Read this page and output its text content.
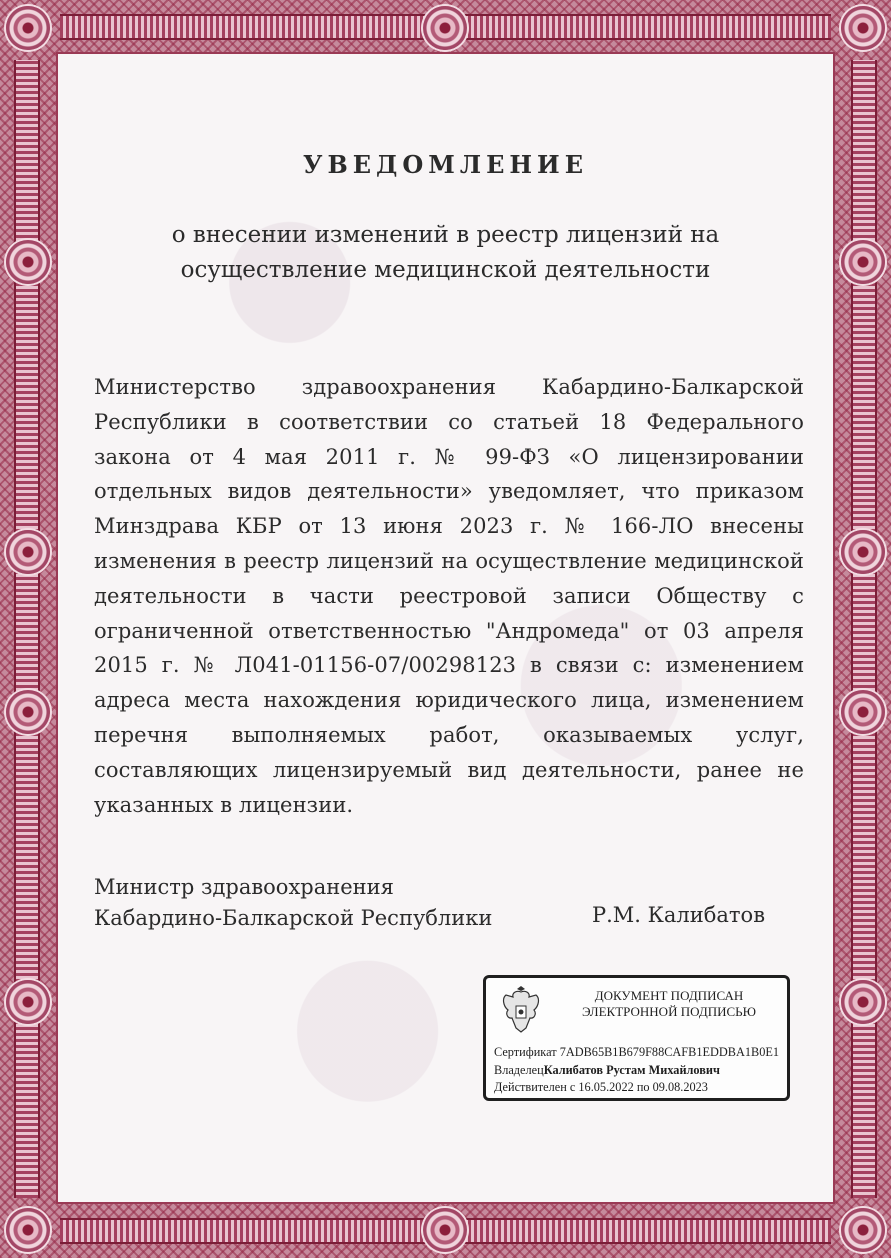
УВЕДОМЛЕНИЕ
о внесении изменений в реестр лицензий на
осуществление медицинской деятельности
Министерство здравоохранения Кабардино-Балкарской Республики в соответствии со статьей 18 Федерального закона от 4 мая 2011 г. № 99-ФЗ «О лицензировании отдельных видов деятельности» уведомляет, что приказом Минздрава КБР от 13 июня 2023 г. № 166-ЛО внесены изменения в реестр лицензий на осуществление медицинской деятельности в части реестровой записи Обществу с ограниченной ответственностью "Андромеда" от 03 апреля 2015 г. № Л041-01156-07/00298123 в связи с: изменением адреса места нахождения юридического лица, изменением перечня выполняемых работ, оказываемых услуг, составляющих лицензируемый вид деятельности, ранее не указанных в лицензии.
Министр здравоохранения
Кабардино-Балкарской Республики	Р.М. Калибатов
ДОКУМЕНТ ПОДПИСАН
ЭЛЕКТРОННОЙ ПОДПИСЬЮ
Сертификат 7ADB65B1B679F88CAFB1EDDBA1B0E1
ВладелецКалибатов Рустам Михайлович
Действителен с 16.05.2022 по 09.08.2023
